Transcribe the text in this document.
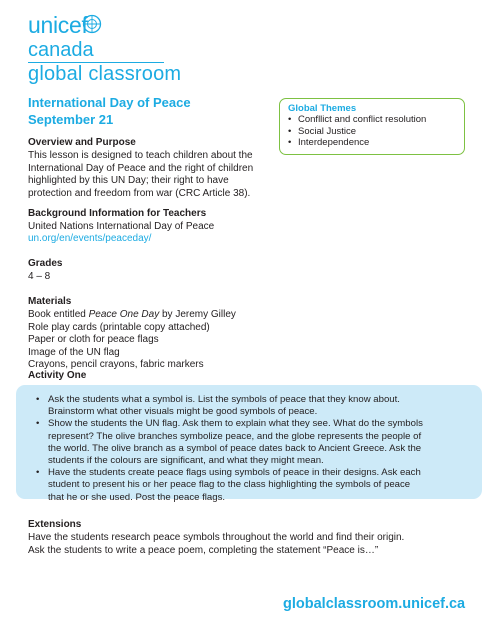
unicef
canada
global classroom
International Day of Peace
September 21
Overview and Purpose
This lesson is designed to teach children about the
International Day of Peace and the right of children
highlighted by this UN Day; their right to have
protection and freedom from war (CRC Article 38).
Global Themes
• Confllict and conflict resolution
• Social Justice
• Interdependence
Background Information for Teachers
United Nations International Day of Peace
un.org/en/events/peaceday/
Grades
4 – 8
Materials
Book entitled Peace One Day by Jeremy Gilley
Role play cards (printable copy attached)
Paper or cloth for peace flags
Image of the UN flag
Crayons, pencil crayons, fabric markers
Activity One
• Ask the students what a symbol is. List the symbols of peace that they know about.
Brainstorm what other visuals might be good symbols of peace.
• Show the students the UN flag. Ask them to explain what they see. What do the symbols
represent? The olive branches symbolize peace, and the globe represents the people of
the world. The olive branch as a symbol of peace dates back to Ancient Greece. Ask the
students if the colours are significant, and what they might mean.
• Have the students create peace flags using symbols of peace in their designs. Ask each
student to present his or her peace flag to the class highlighting the symbols of peace
that he or she used. Post the peace flags.
Extensions
Have the students research peace symbols throughout the world and find their origin.
Ask the students to write a peace poem, completing the statement “Peace is…”
globalclassroom.unicef.ca
